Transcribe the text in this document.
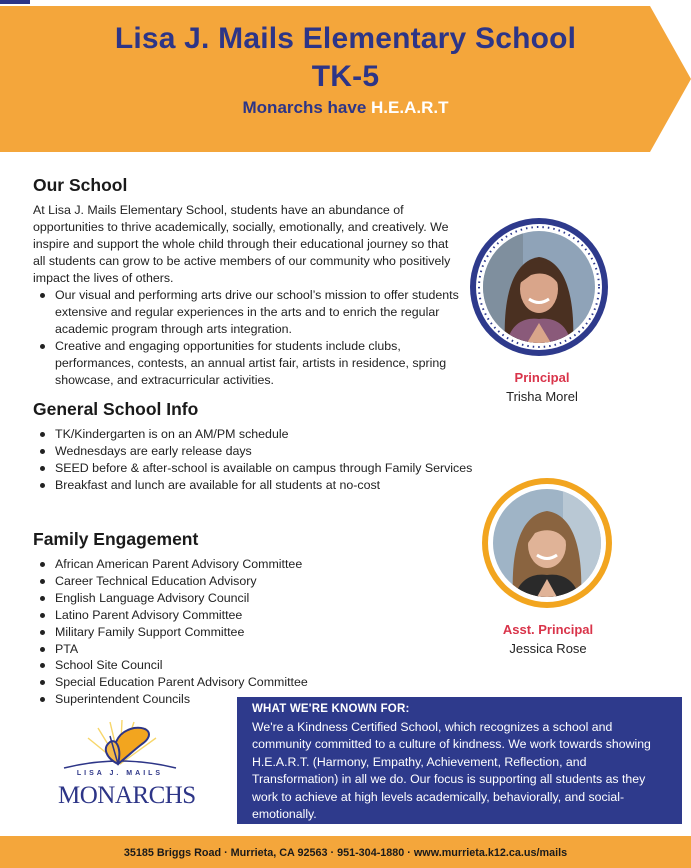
Lisa J. Mails Elementary School
TK-5
Monarchs have H.E.A.R.T
Our School

At Lisa J. Mails Elementary School, students have an abundance of opportunities to thrive academically, socially, emotionally, and creatively. We inspire and support the whole child through their educational journey so that all students can grow to be active members of our community who positively impact the lives of others.

Our visual and performing arts drive our school’s mission to offer students extensive and regular experiences in the arts and to enrich the regular academic program through arts integration.
Creative and engaging opportunities for students include clubs, performances, contests, an annual artist fair, artists in residence, spring showcase, and extracurricular activities.
General School Info
TK/Kindergarten is on an AM/PM schedule
Wednesdays are early release days
SEED before & after-school is available on campus through Family Services
Breakfast and lunch are available for all students at no-cost
Family Engagement
African American Parent Advisory Committee
Career Technical Education Advisory
English Language Advisory Council
Latino Parent Advisory Committee
Military Family Support Committee
PTA
School Site Council
Special Education Parent Advisory Committee
Superintendent Councils
Principal
Trisha Morel
Asst. Principal
Jessica Rose
LISA J. MAILS
MONARCHS
WHAT WE'RE KNOWN FOR:
We're a Kindness Certified School, which recognizes a school and community committed to a culture of kindness. We work towards showing H.E.A.R.T. (Harmony, Empathy, Achievement, Reflection, and Transformation) in all we do. Our focus is supporting all students as they work to achieve at high levels academically, behaviorally, and social-emotionally.
35185 Briggs Road · Murrieta, CA 92563 · 951-304-1880 · www.murrieta.k12.ca.us/mails
